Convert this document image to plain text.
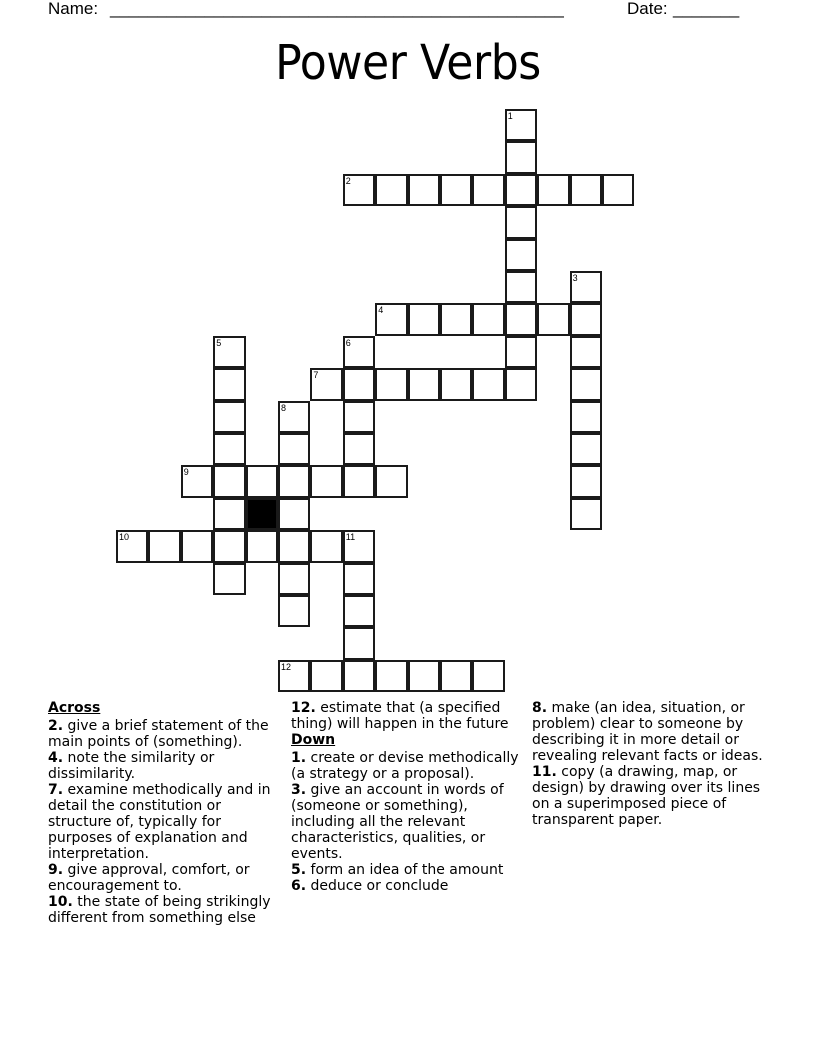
Name: ________________________________________________	Date: _______
Power Verbs
1
2
3
4
5	6
7
8
9
10	11
12

Across

2. give a brief statement of the main points of (something).

4. note the similarity or dissimilarity.

7. examine methodically and in detail the constitution or structure of, typically for purposes of explanation and interpretation.

9. give approval, comfort, or encouragement to.

10. the state of being strikingly different from something else

12. estimate that (a specified thing) will happen in the future

Down

1. create or devise methodically (a strategy or a proposal).

3. give an account in words of (someone or something), including all the relevant characteristics, qualities, or events.

5. form an idea of the amount

6. deduce or conclude

8. make (an idea, situation, or problem) clear to someone by describing it in more detail or revealing relevant facts or ideas.

11. copy (a drawing, map, or design) by drawing over its lines on a superimposed piece of transparent paper.
